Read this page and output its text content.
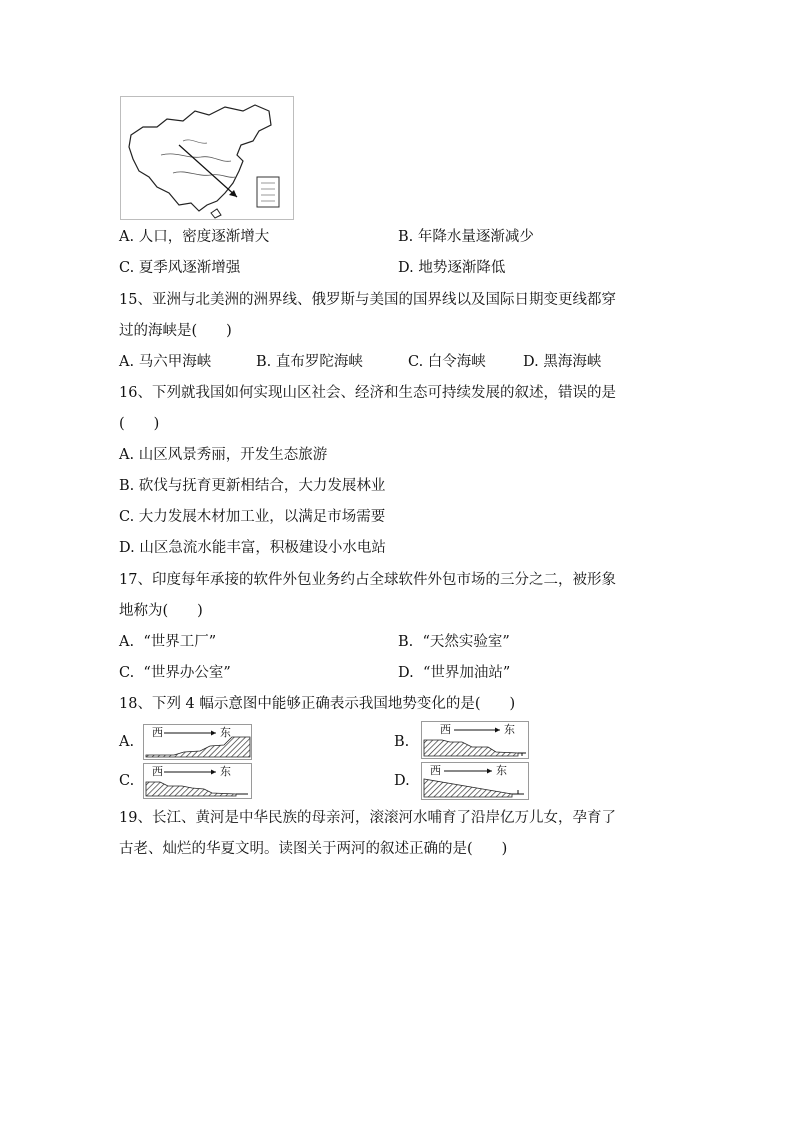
A. 人口，密度逐渐增大	B. 年降水量逐渐减少
C. 夏季风逐渐增强	D. 地势逐渐降低
15、亚洲与北美洲的洲界线、俄罗斯与美国的国界线以及国际日期变更线都穿
过的海峡是(　　)
A. 马六甲海峡	B. 直布罗陀海峡	C. 白令海峡	D. 黑海海峡
16、下列就我国如何实现山区社会、经济和生态可持续发展的叙述，错误的是
(　　)
A. 山区风景秀丽，开发生态旅游
B. 砍伐与抚育更新相结合，大力发展林业
C. 大力发展木材加工业，以满足市场需要
D. 山区急流水能丰富，积极建设小水电站
17、印度每年承接的软件外包业务约占全球软件外包市场的三分之二，被形象
地称为(　　)
A. “世界工厂”	B. “天然实验室”
C. “世界办公室”	D. “世界加油站”
18、下列 4 幅示意图中能够正确表示我国地势变化的是(　　)
A.
西	东
B.
西	东
C.
西	东
D.
西	东
19、长江、黄河是中华民族的母亲河，滚滚河水哺育了沿岸亿万儿女，孕育了
古老、灿烂的华夏文明。读图关于两河的叙述正确的是(　　)
